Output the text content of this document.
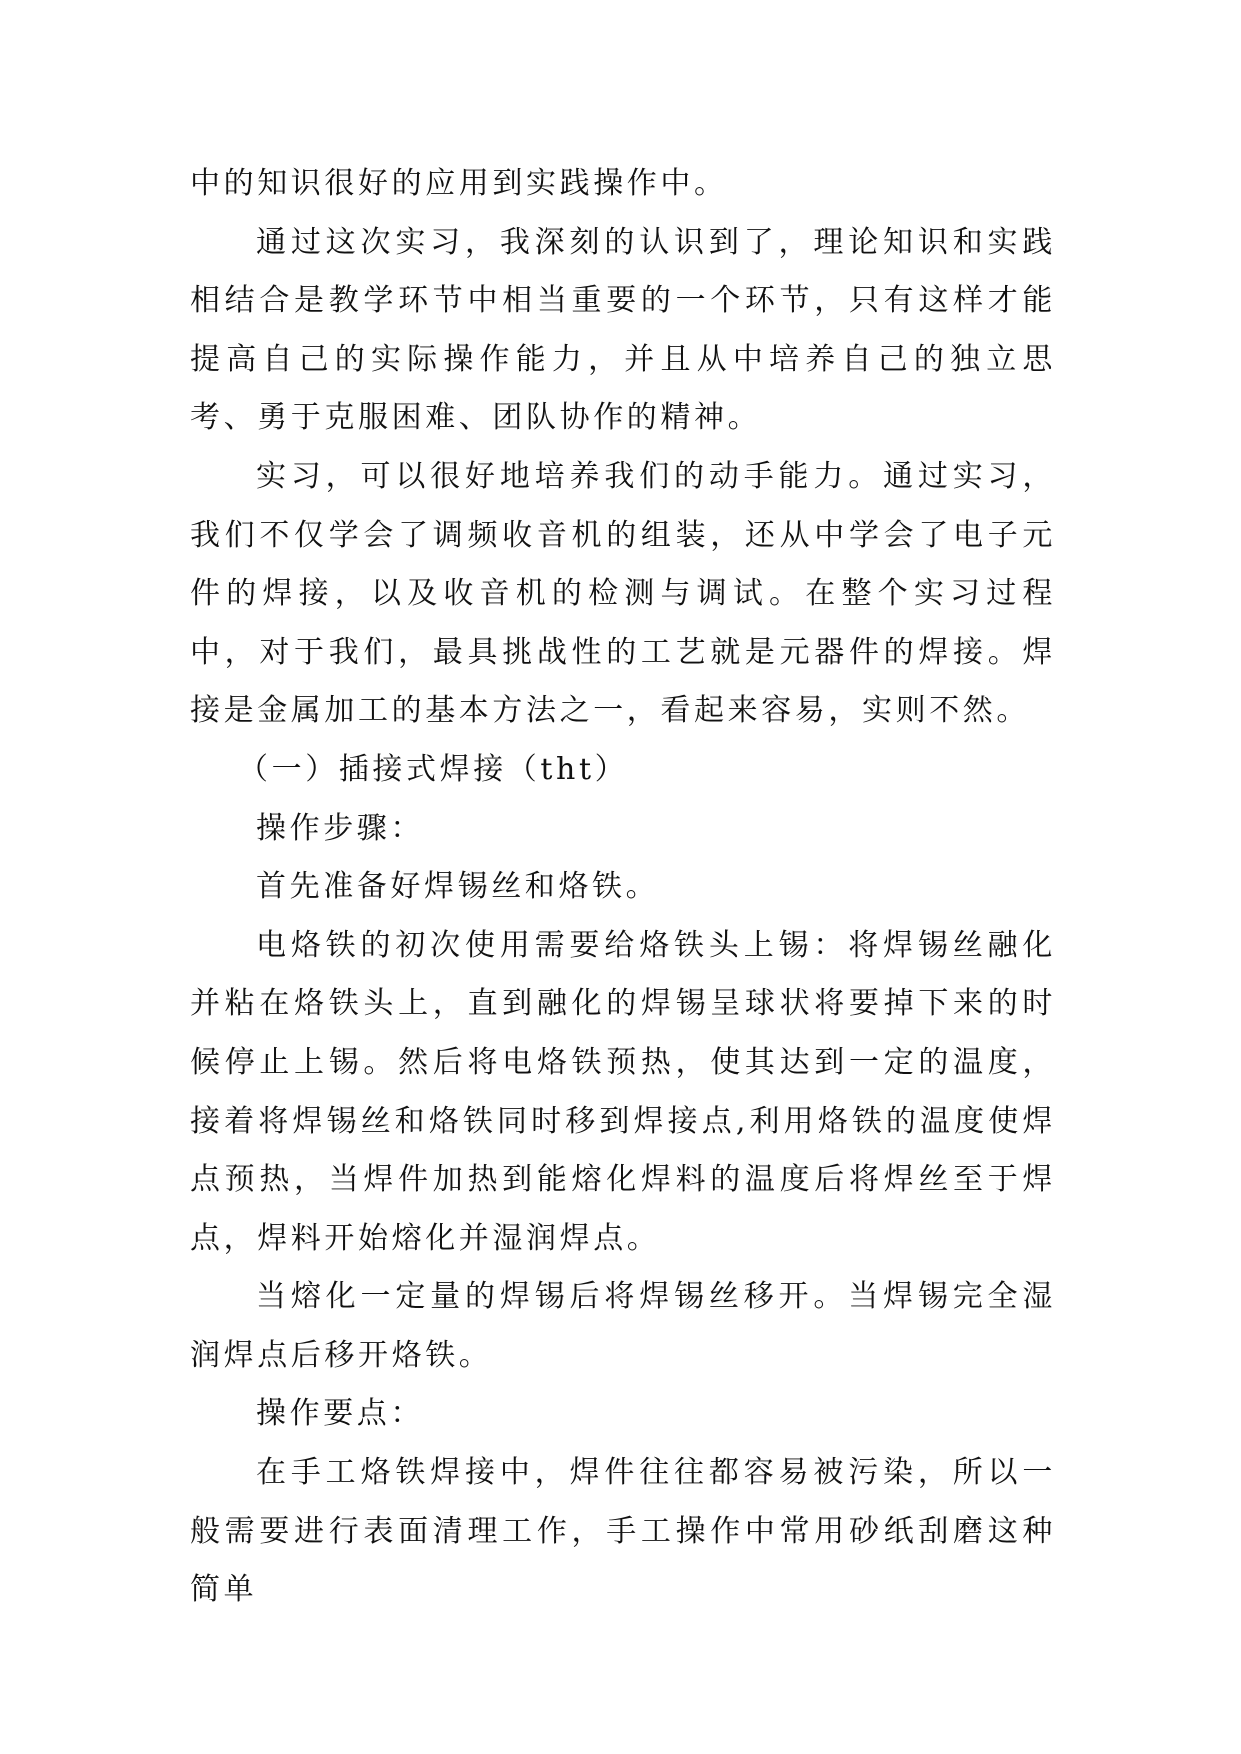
中的知识很好的应用到实践操作中。

通过这次实习，我深刻的认识到了，理论知识和实践相结合是教学环节中相当重要的一个环节，只有这样才能提高自己的实际操作能力，并且从中培养自己的独立思考、勇于克服困难、团队协作的精神。

实习，可以很好地培养我们的动手能力。通过实习，我们不仅学会了调频收音机的组装，还从中学会了电子元件的焊接，以及收音机的检测与调试。在整个实习过程中，对于我们，最具挑战性的工艺就是元器件的焊接。焊接是金属加工的基本方法之一，看起来容易，实则不然。

（一）插接式焊接（tht）

操作步骤：

首先准备好焊锡丝和烙铁。

电烙铁的初次使用需要给烙铁头上锡：将焊锡丝融化并粘在烙铁头上，直到融化的焊锡呈球状将要掉下来的时候停止上锡。然后将电烙铁预热，使其达到一定的温度，接着将焊锡丝和烙铁同时移到焊接点,利用烙铁的温度使焊点预热，当焊件加热到能熔化焊料的温度后将焊丝至于焊点，焊料开始熔化并湿润焊点。

当熔化一定量的焊锡后将焊锡丝移开。当焊锡完全湿润焊点后移开烙铁。

操作要点：

在手工烙铁焊接中，焊件往往都容易被污染，所以一般需要进行表面清理工作，手工操作中常用砂纸刮磨这种简单
